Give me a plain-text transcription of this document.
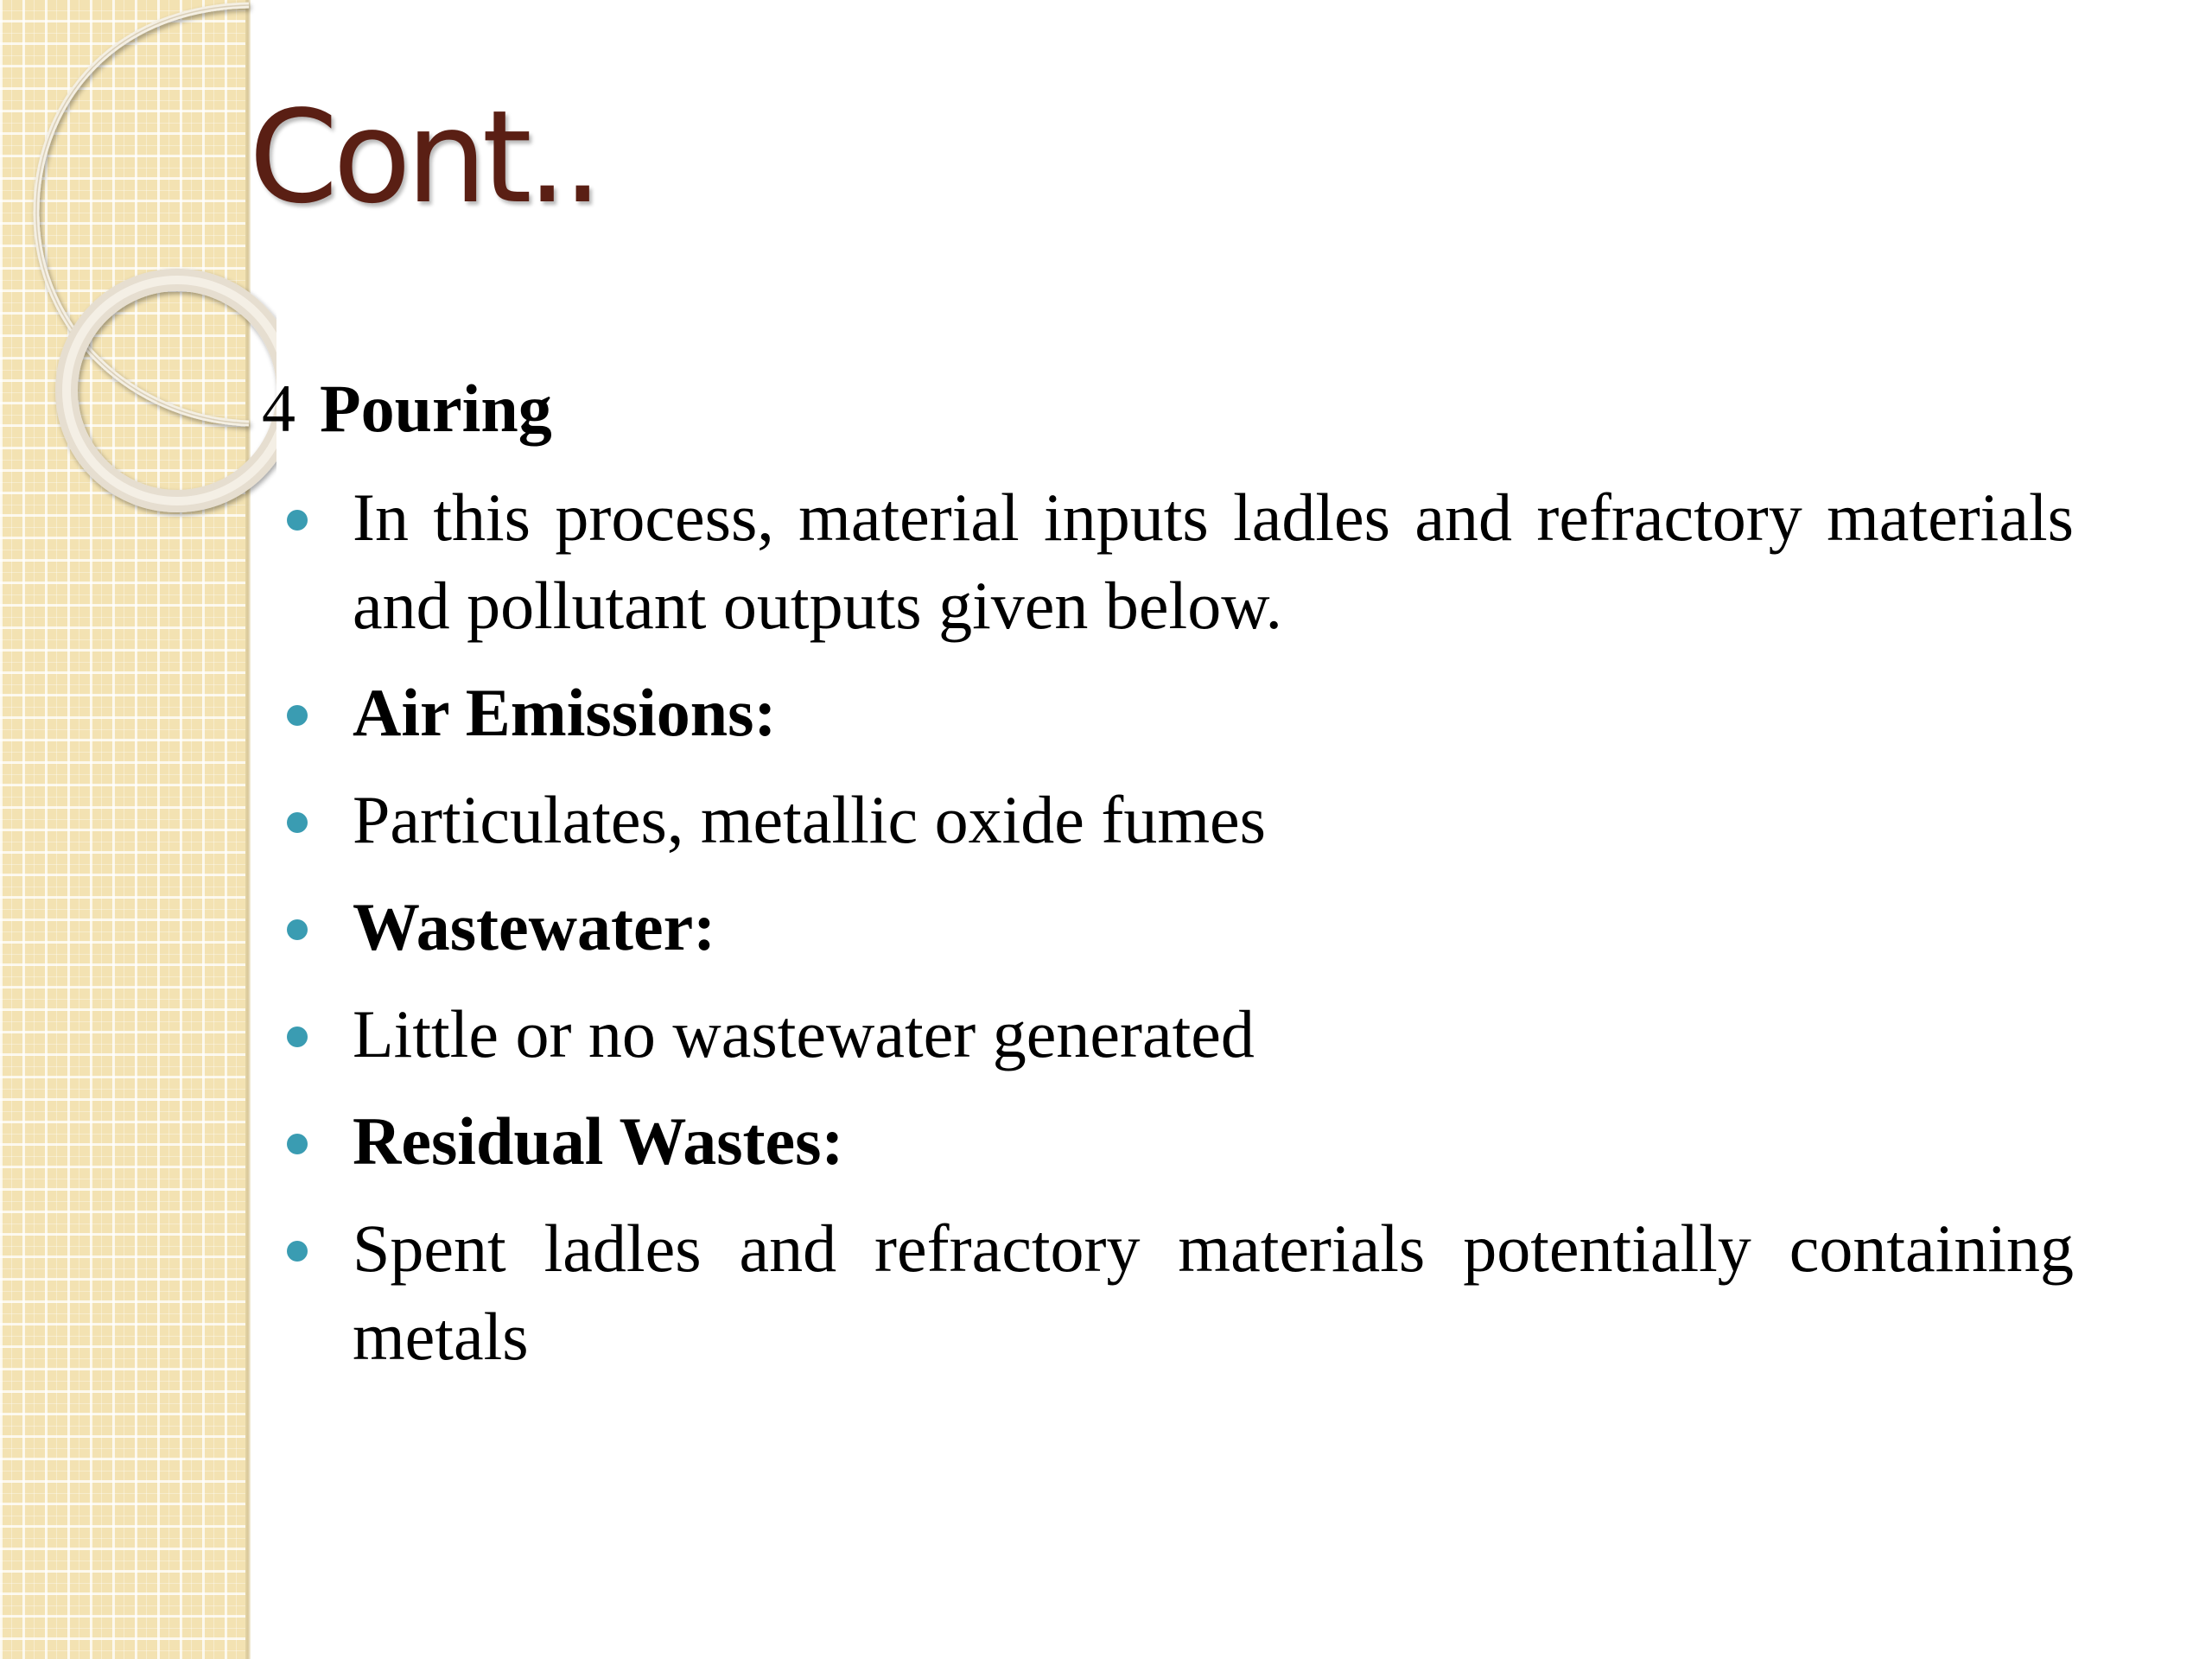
Cont..
4 Pouring
In this process, material inputs ladles and refractory materials and pollutant outputs given below.
Air Emissions:
Particulates, metallic oxide fumes
Wastewater:
Little or no wastewater generated
Residual Wastes:
Spent ladles and refractory materials potentially containing metals
